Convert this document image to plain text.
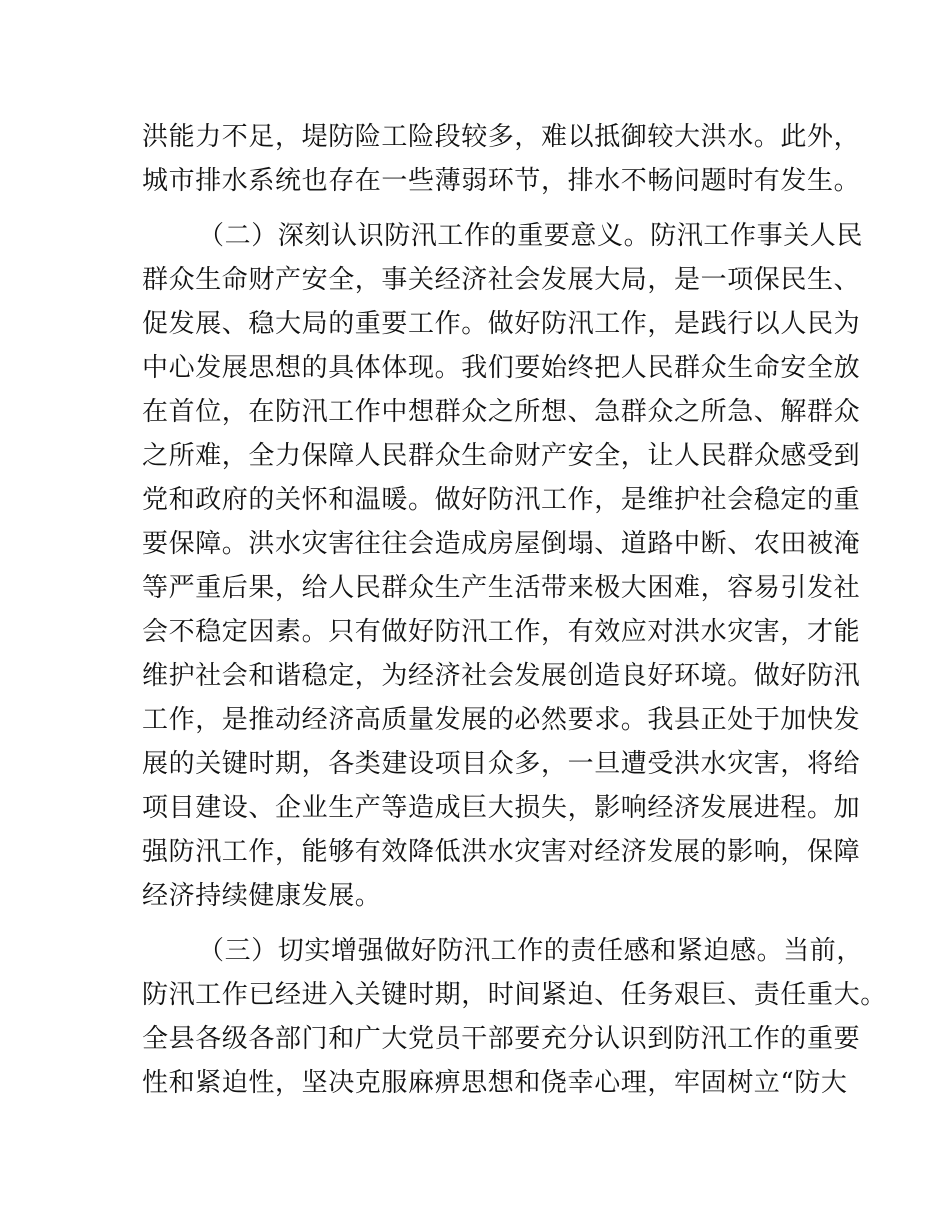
洪能力不足，堤防险工险段较多，难以抵御较大洪水。此外，
城市排水系统也存在一些薄弱环节，排水不畅问题时有发生。
（二）深刻认识防汛工作的重要意义。防汛工作事关人民
群众生命财产安全，事关经济社会发展大局，是一项保民生、
促发展、稳大局的重要工作。做好防汛工作，是践行以人民为
中心发展思想的具体体现。我们要始终把人民群众生命安全放
在首位，在防汛工作中想群众之所想、急群众之所急、解群众
之所难，全力保障人民群众生命财产安全，让人民群众感受到
党和政府的关怀和温暖。做好防汛工作，是维护社会稳定的重
要保障。洪水灾害往往会造成房屋倒塌、道路中断、农田被淹
等严重后果，给人民群众生产生活带来极大困难，容易引发社
会不稳定因素。只有做好防汛工作，有效应对洪水灾害，才能
维护社会和谐稳定，为经济社会发展创造良好环境。做好防汛
工作，是推动经济高质量发展的必然要求。我县正处于加快发
展的关键时期，各类建设项目众多，一旦遭受洪水灾害，将给
项目建设、企业生产等造成巨大损失，影响经济发展进程。加
强防汛工作，能够有效降低洪水灾害对经济发展的影响，保障
经济持续健康发展。
（三）切实增强做好防汛工作的责任感和紧迫感。当前，
防汛工作已经进入关键时期，时间紧迫、任务艰巨、责任重大。
全县各级各部门和广大党员干部要充分认识到防汛工作的重要
性和紧迫性，坚决克服麻痹思想和侥幸心理，牢固树立“防大
